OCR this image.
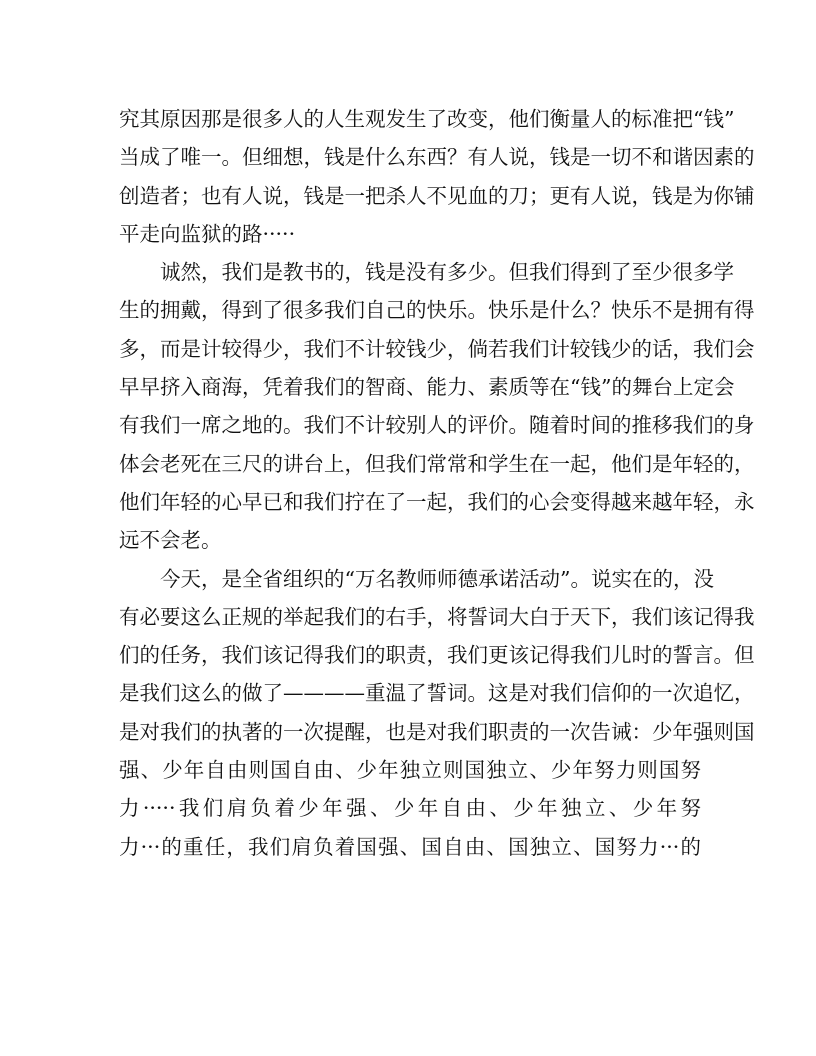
究其原因那是很多人的人生观发生了改变，他们衡量人的标准把“钱”
当成了唯一。但细想，钱是什么东西？有人说，钱是一切不和谐因素的
创造者；也有人说，钱是一把杀人不见血的刀；更有人说，钱是为你铺
平走向监狱的路·····
诚然，我们是教书的，钱是没有多少。但我们得到了至少很多学
生的拥戴，得到了很多我们自己的快乐。快乐是什么？快乐不是拥有得
多，而是计较得少，我们不计较钱少，倘若我们计较钱少的话，我们会
早早挤入商海，凭着我们的智商、能力、素质等在“钱”的舞台上定会
有我们一席之地的。我们不计较别人的评价。随着时间的推移我们的身
体会老死在三尺的讲台上，但我们常常和学生在一起，他们是年轻的，
他们年轻的心早已和我们拧在了一起，我们的心会变得越来越年轻，永
远不会老。
今天，是全省组织的“万名教师师德承诺活动”。说实在的，没
有必要这么正规的举起我们的右手，将誓词大白于天下，我们该记得我
们的任务，我们该记得我们的职责，我们更该记得我们儿时的誓言。但
是我们这么的做了————重温了誓词。这是对我们信仰的一次追忆，
是对我们的执著的一次提醒，也是对我们职责的一次告诫：少年强则国
强、少年自由则国自由、少年独立则国独立、少年努力则国努
力·····我们肩负着少年强、少年自由、少年独立、少年努
力···的重任，我们肩负着国强、国自由、国独立、国努力···的
